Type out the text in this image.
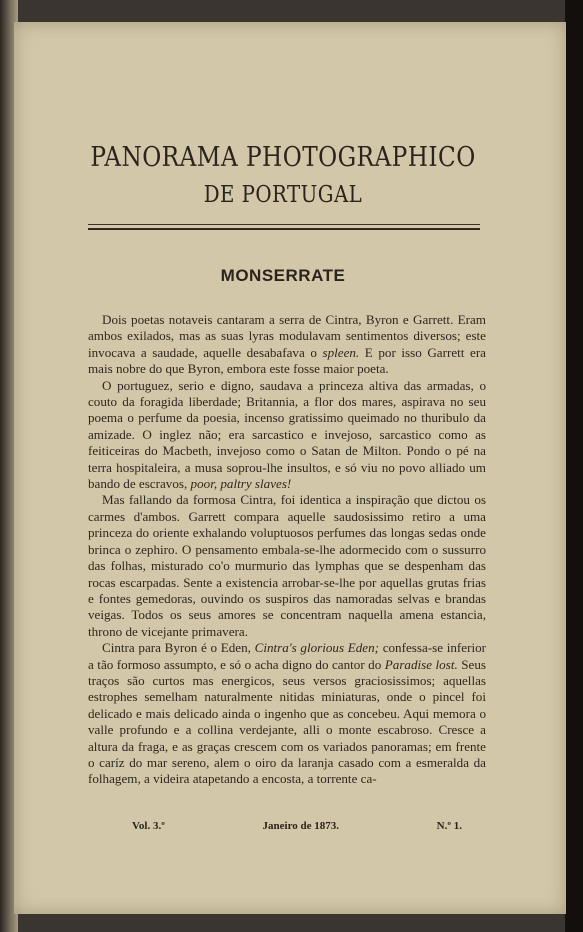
PANORAMA PHOTOGRAPHICO
DE PORTUGAL
MONSERRATE

Dois poetas notaveis cantaram a serra de Cintra, Byron e Garrett. Eram ambos exilados, mas as suas lyras modulavam sentimentos diversos; este invocava a saudade, aquelle desabafava o spleen. E por isso Garrett era mais nobre do que Byron, embora este fosse maior poeta.

O portuguez, serio e digno, saudava a princeza altiva das armadas, o couto da foragida liberdade; Britannia, a flor dos mares, aspirava no seu poema o perfume da poesia, incenso gratissimo queimado no thuribulo da amizade. O inglez não; era sarcastico e invejoso, sarcastico como as feiticeiras do Macbeth, invejoso como o Satan de Milton. Pondo o pé na terra hospitaleira, a musa soprou-lhe insultos, e só viu no povo alliado um bando de escravos, poor, paltry slaves!

Mas fallando da formosa Cintra, foi identica a inspiração que dictou os carmes d'ambos. Garrett compara aquelle saudosissimo retiro a uma princeza do oriente exhalando voluptuosos perfumes das longas sedas onde brinca o zephiro. O pensamento embala-se-lhe adormecido com o sussurro das folhas, misturado co'o murmurio das lymphas que se despenham das rocas escarpadas. Sente a existencia arrobar-se-lhe por aquellas grutas frias e fontes gemedoras, ouvindo os suspiros das namoradas selvas e brandas veigas. Todos os seus amores se concentram naquella amena estancia, throno de vicejante primavera.

Cintra para Byron é o Eden, Cintra's glorious Eden; confessa-se inferior a tão formoso assumpto, e só o acha digno do cantor do Paradise lost. Seus traços são curtos mas energicos, seus versos graciosissimos; aquellas estrophes semelham naturalmente nitidas miniaturas, onde o pincel foi delicado e mais delicado ainda o ingenho que as concebeu. Aqui memora o valle profundo e a collina verdejante, alli o monte escabroso. Cresce a altura da fraga, e as graças crescem com os variados panoramas; em frente o caríz do mar sereno, alem o oiro da laranja casado com a esmeralda da folhagem, a videira atapetando a encosta, a torrente ca-

Vol. 3.º	Janeiro de 1873.	N.º 1.
